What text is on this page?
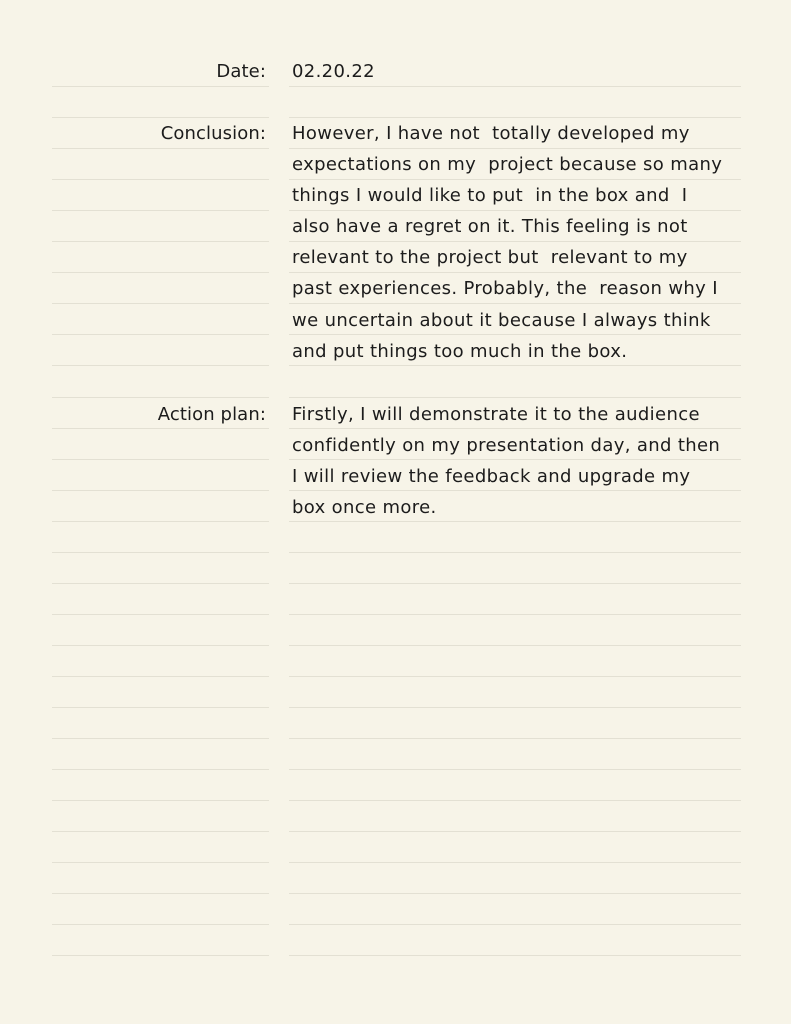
Date: 02.20.22
Conclusion: However, I have not  totally developed my
expectations on my  project because so many
things I would like to put  in the box and  I
also have a regret on it. This feeling is not
relevant to the project but  relevant to my
past experiences. Probably, the  reason why I
we uncertain about it because I always think
and put things too much in the box.
Action plan: Firstly, I will demonstrate it to the audience
confidently on my presentation day, and then
I will review the feedback and upgrade my
box once more.
